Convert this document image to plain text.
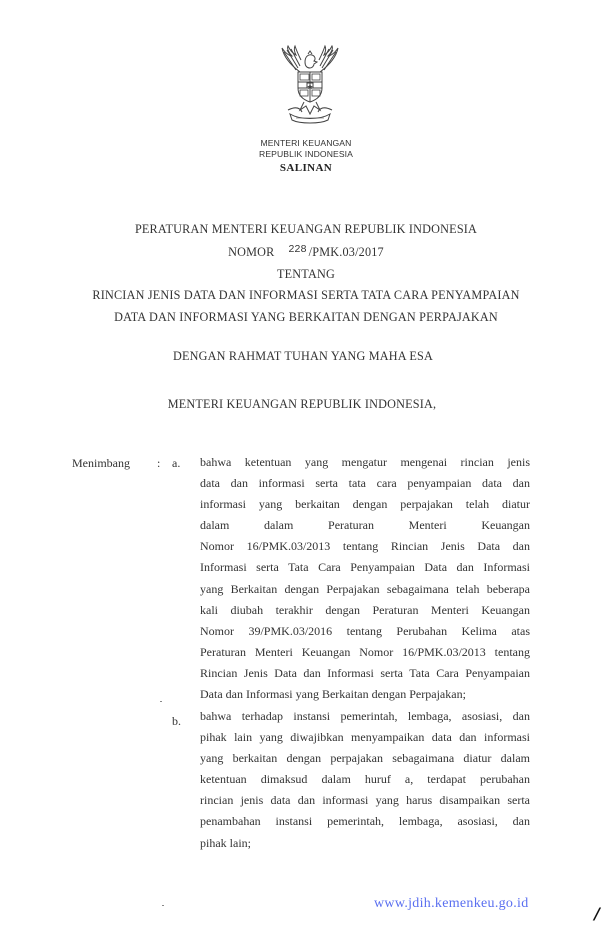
MENTERI KEUANGAN
REPUBLIK INDONESIA
SALINAN
PERATURAN MENTERI KEUANGAN REPUBLIK INDONESIA
NOMOR 228 /PMK.03/2017
TENTANG
RINCIAN JENIS DATA DAN INFORMASI SERTA TATA CARA PENYAMPAIAN
DATA DAN INFORMASI YANG BERKAITAN DENGAN PERPAJAKAN
DENGAN RAHMAT TUHAN YANG MAHA ESA
MENTERI KEUANGAN REPUBLIK INDONESIA,
Menimbang : a. bahwa ketentuan yang mengatur mengenai rincian jenis
data dan informasi serta tata cara penyampaian data dan
informasi yang berkaitan dengan perpajakan telah diatur
dalam dalam Peraturan Menteri Keuangan
Nomor 16/PMK.03/2013 tentang Rincian Jenis Data dan
Informasi serta Tata Cara Penyampaian Data dan Informasi
yang Berkaitan dengan Perpajakan sebagaimana telah beberapa
kali diubah terakhir dengan Peraturan Menteri Keuangan
Nomor 39/PMK.03/2016 tentang Perubahan Kelima atas
Peraturan Menteri Keuangan Nomor 16/PMK.03/2013 tentang
Rincian Jenis Data dan Informasi serta Tata Cara Penyampaian
Data dan Informasi yang Berkaitan dengan Perpajakan;
b. bahwa terhadap instansi pemerintah, lembaga, asosiasi, dan
pihak lain yang diwajibkan menyampaikan data dan informasi
yang berkaitan dengan perpajakan sebagaimana diatur dalam
ketentuan dimaksud dalam huruf a, terdapat perubahan
rincian jenis data dan informasi yang harus disampaikan serta
penambahan instansi pemerintah, lembaga, asosiasi, dan
pihak lain;
www.jdih.kemenkeu.go.id
/
